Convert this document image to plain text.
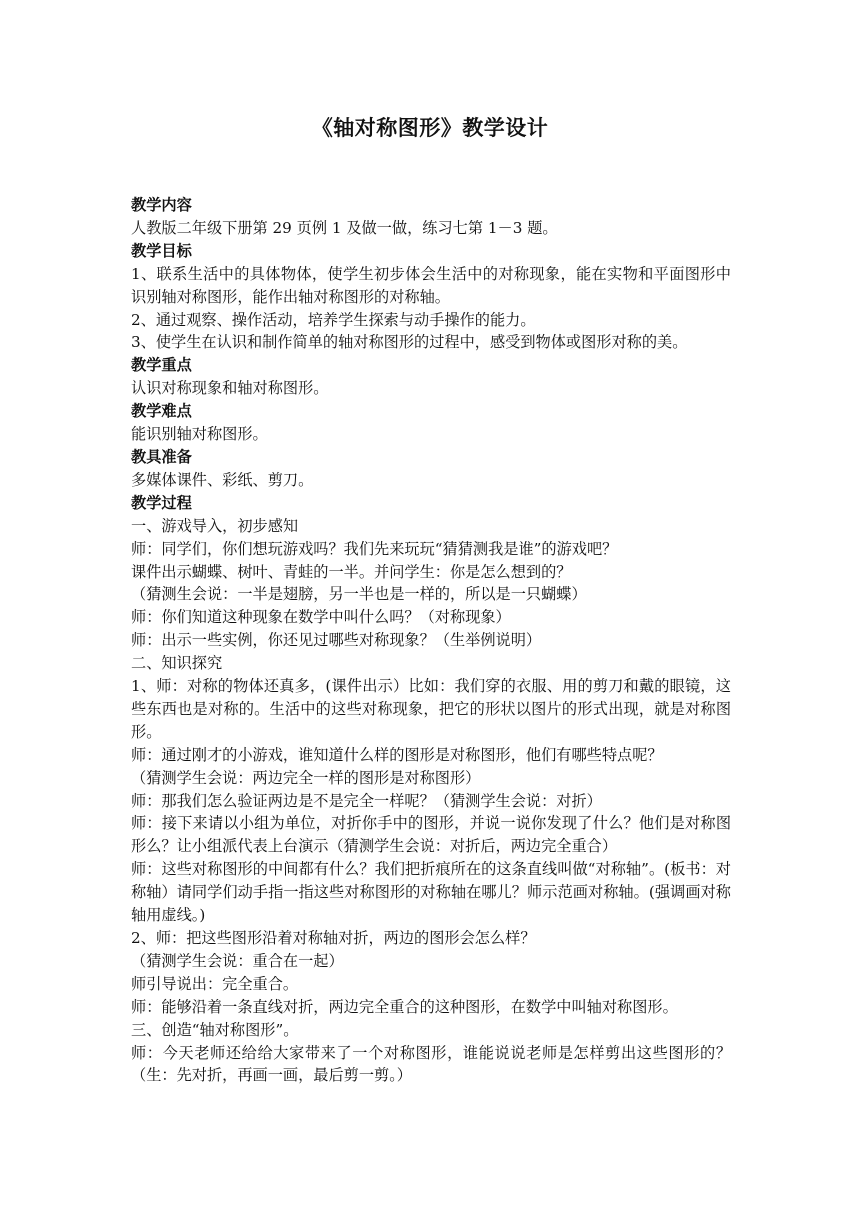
《轴对称图形》教学设计

教学内容

人教版二年级下册第 29 页例 1 及做一做，练习七第 1－3 题。

教学目标

1、联系生活中的具体物体，使学生初步体会生活中的对称现象，能在实物和平面图形中识别轴对称图形，能作出轴对称图形的对称轴。

2、通过观察、操作活动，培养学生探索与动手操作的能力。

3、使学生在认识和制作简单的轴对称图形的过程中，感受到物体或图形对称的美。

教学重点

认识对称现象和轴对称图形。

教学难点

能识别轴对称图形。

教具准备

多媒体课件、彩纸、剪刀。

教学过程

一、游戏导入，初步感知

师：同学们，你们想玩游戏吗？我们先来玩玩“猜猜测我是谁”的游戏吧？

课件出示蝴蝶、树叶、青蛙的一半。并问学生：你是怎么想到的？

（猜测生会说：一半是翅膀，另一半也是一样的，所以是一只蝴蝶）

师：你们知道这种现象在数学中叫什么吗？（对称现象）

师：出示一些实例，你还见过哪些对称现象？（生举例说明）

二、知识探究

1、师：对称的物体还真多，(课件出示）比如：我们穿的衣服、用的剪刀和戴的眼镜，这些东西也是对称的。生活中的这些对称现象，把它的形状以图片的形式出现，就是对称图形。

师：通过刚才的小游戏，谁知道什么样的图形是对称图形，他们有哪些特点呢？

（猜测学生会说：两边完全一样的图形是对称图形）

师：那我们怎么验证两边是不是完全一样呢？（猜测学生会说：对折）

师：接下来请以小组为单位，对折你手中的图形，并说一说你发现了什么？他们是对称图形么？让小组派代表上台演示（猜测学生会说：对折后，两边完全重合）

师：这些对称图形的中间都有什么？我们把折痕所在的这条直线叫做“对称轴”。(板书：对称轴）请同学们动手指一指这些对称图形的对称轴在哪儿？师示范画对称轴。(强调画对称轴用虚线。)

2、师：把这些图形沿着对称轴对折，两边的图形会怎么样？

（猜测学生会说：重合在一起）

师引导说出：完全重合。

师：能够沿着一条直线对折，两边完全重合的这种图形，在数学中叫轴对称图形。

三、创造“轴对称图形”。

师：今天老师还给给大家带来了一个对称图形，谁能说说老师是怎样剪出这些图形的？（生：先对折，再画一画，最后剪一剪。）
